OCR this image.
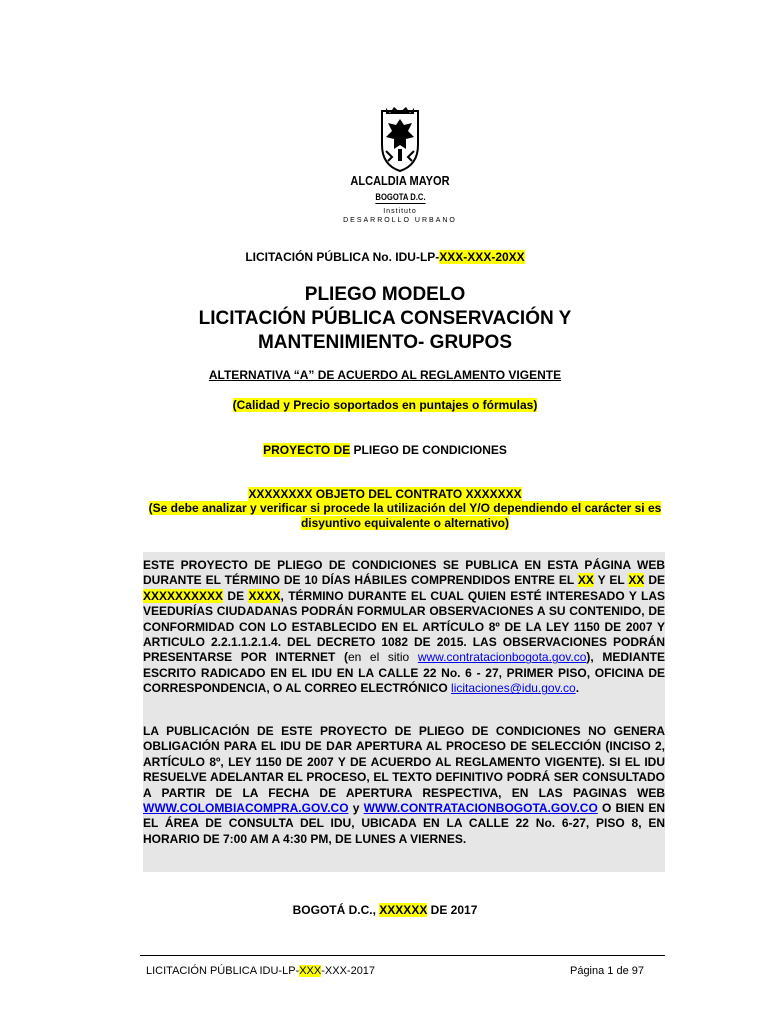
ALCALDIA MAYOR
BOGOTA D.C.
Instituto
DESARROLLO URBANO
LICITACIÓN PÚBLICA No. IDU-LP-XXX-XXX-20XX
PLIEGO MODELO
LICITACIÓN PÚBLICA CONSERVACIÓN Y
MANTENIMIENTO- GRUPOS
ALTERNATIVA “A” DE ACUERDO AL REGLAMENTO VIGENTE
(Calidad y Precio soportados en puntajes o fórmulas)
PROYECTO DE PLIEGO DE CONDICIONES
XXXXXXXX OBJETO DEL CONTRATO XXXXXXX
(Se debe analizar y verificar si procede la utilización del Y/O dependiendo el carácter si es disyuntivo equivalente o alternativo)
ESTE PROYECTO DE PLIEGO DE CONDICIONES SE PUBLICA EN ESTA PÁGINA WEB DURANTE EL TÉRMINO DE 10 DÍAS HÁBILES COMPRENDIDOS ENTRE EL XX Y EL XX DE XXXXXXXXXX DE XXXX, TÉRMINO DURANTE EL CUAL QUIEN ESTÉ INTERESADO Y LAS VEEDURÍAS CIUDADANAS PODRÁN FORMULAR OBSERVACIONES A SU CONTENIDO, DE CONFORMIDAD CON LO ESTABLECIDO EN EL ARTÍCULO 8º DE LA LEY 1150 DE 2007 Y ARTICULO 2.2.1.1.2.1.4. DEL DECRETO 1082 DE 2015. LAS OBSERVACIONES PODRÁN PRESENTARSE POR INTERNET (en el sitio www.contratacionbogota.gov.co), MEDIANTE ESCRITO RADICADO EN EL IDU EN LA CALLE 22 No. 6 - 27, PRIMER PISO, OFICINA DE CORRESPONDENCIA, O AL CORREO ELECTRÓNICO licitaciones@idu.gov.co.
LA PUBLICACIÓN DE ESTE PROYECTO DE PLIEGO DE CONDICIONES NO GENERA OBLIGACIÓN PARA EL IDU DE DAR APERTURA AL PROCESO DE SELECCIÓN (INCISO 2, ARTÍCULO 8º, LEY 1150 DE 2007 Y DE ACUERDO AL REGLAMENTO VIGENTE). SI EL IDU RESUELVE ADELANTAR EL PROCESO, EL TEXTO DEFINITIVO PODRÁ SER CONSULTADO A PARTIR DE LA FECHA DE APERTURA RESPECTIVA, EN LAS PAGINAS WEB WWW.COLOMBIACOMPRA.GOV.CO y WWW.CONTRATACIONBOGOTA.GOV.CO O BIEN EN EL ÁREA DE CONSULTA DEL IDU, UBICADA EN LA CALLE 22 No. 6-27, PISO 8, EN HORARIO DE 7:00 AM A 4:30 PM, DE LUNES A VIERNES.
BOGOTÁ D.C., XXXXXX DE 2017
LICITACIÓN PÚBLICA IDU-LP-XXX-XXX-2017	Página 1 de 97
